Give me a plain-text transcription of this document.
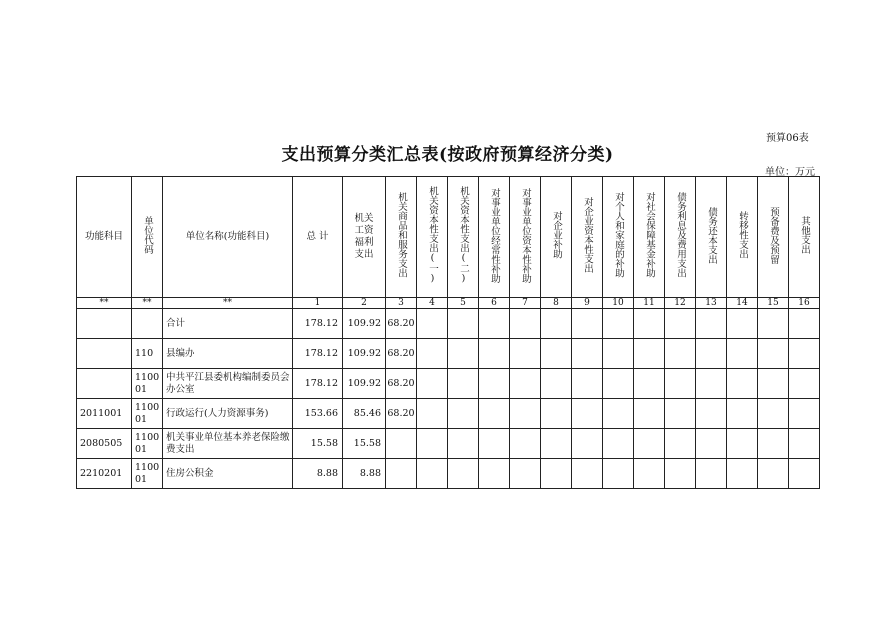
预算06表
支出预算分类汇总表(按政府预算经济分类)
单位：万元
功能科目	单位代码	单位名称(功能科目)	总 计	机关工资福利支出	机关商品和服务支出	机关资本性支出(一)	机关资本性支出(二)	对事业单位经常性补助	对事业单位资本性补助	对企业补助	对企业资本性支出	对个人和家庭的补助	对社会保障基金补助	债务利息及费用支出	债务还本支出	转移性支出	预备费及预留	其他支出
**	**	**	1	2	3	4	5	6	7	8	9	10	11	12	13	14	15	16
		合计	178.12	109.92	68.20													
	110	县编办	178.12	109.92	68.20													
	110001	中共平江县委机构编制委员会办公室	178.12	109.92	68.20													
2011001	110001	行政运行(人力资源事务)	153.66	85.46	68.20													
2080505	110001	机关事业单位基本养老保险缴费支出	15.58	15.58														
2210201	110001	住房公积金	8.88	8.88														
